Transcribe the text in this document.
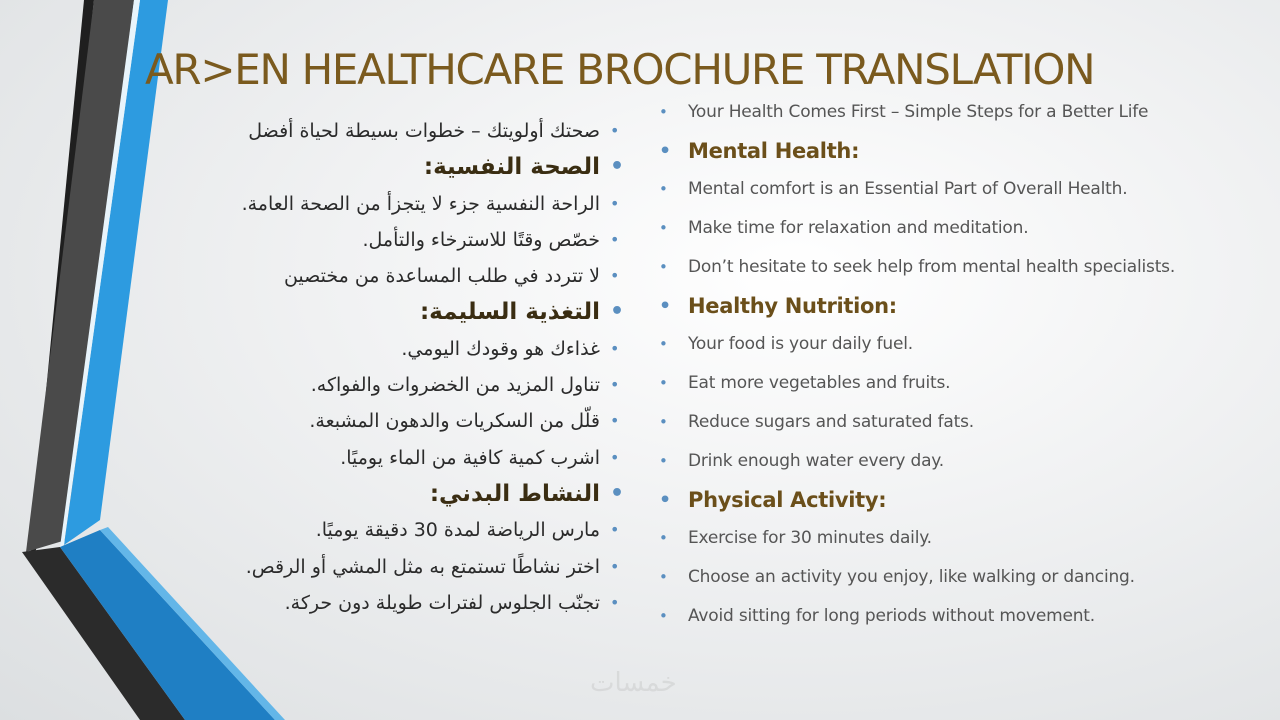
AR>EN HEALTHCARE BROCHURE TRANSLATION
•
صحتك أولويتك – خطوات بسيطة لحياة أفضل
•
الصحة النفسية:
•
الراحة النفسية جزء لا يتجزأ من الصحة العامة.
•
خصّص وقتًا للاسترخاء والتأمل.
•
لا تتردد في طلب المساعدة من مختصين
•
التغذية السليمة:
•
غذاءك هو وقودك اليومي.
•
تناول المزيد من الخضروات والفواكه.
•
قلّل من السكريات والدهون المشبعة.
•
اشرب كمية كافية من الماء يوميًا.
•
النشاط البدني:
•
مارس الرياضة لمدة 30 دقيقة يوميًا.
•
اختر نشاطًا تستمتع به مثل المشي أو الرقص.
•
تجنّب الجلوس لفترات طويلة دون حركة.
• Your Health Comes First – Simple Steps for a Better Life
• Mental Health:
• Mental comfort is an Essential Part of Overall Health.
• Make time for relaxation and meditation.
• Don’t hesitate to seek help from mental health specialists.
• Healthy Nutrition:
• Your food is your daily fuel.
• Eat more vegetables and fruits.
• Reduce sugars and saturated fats.
• Drink enough water every day.
• Physical Activity:
• Exercise for 30 minutes daily.
• Choose an activity you enjoy, like walking or dancing.
• Avoid sitting for long periods without movement.
خمسات
